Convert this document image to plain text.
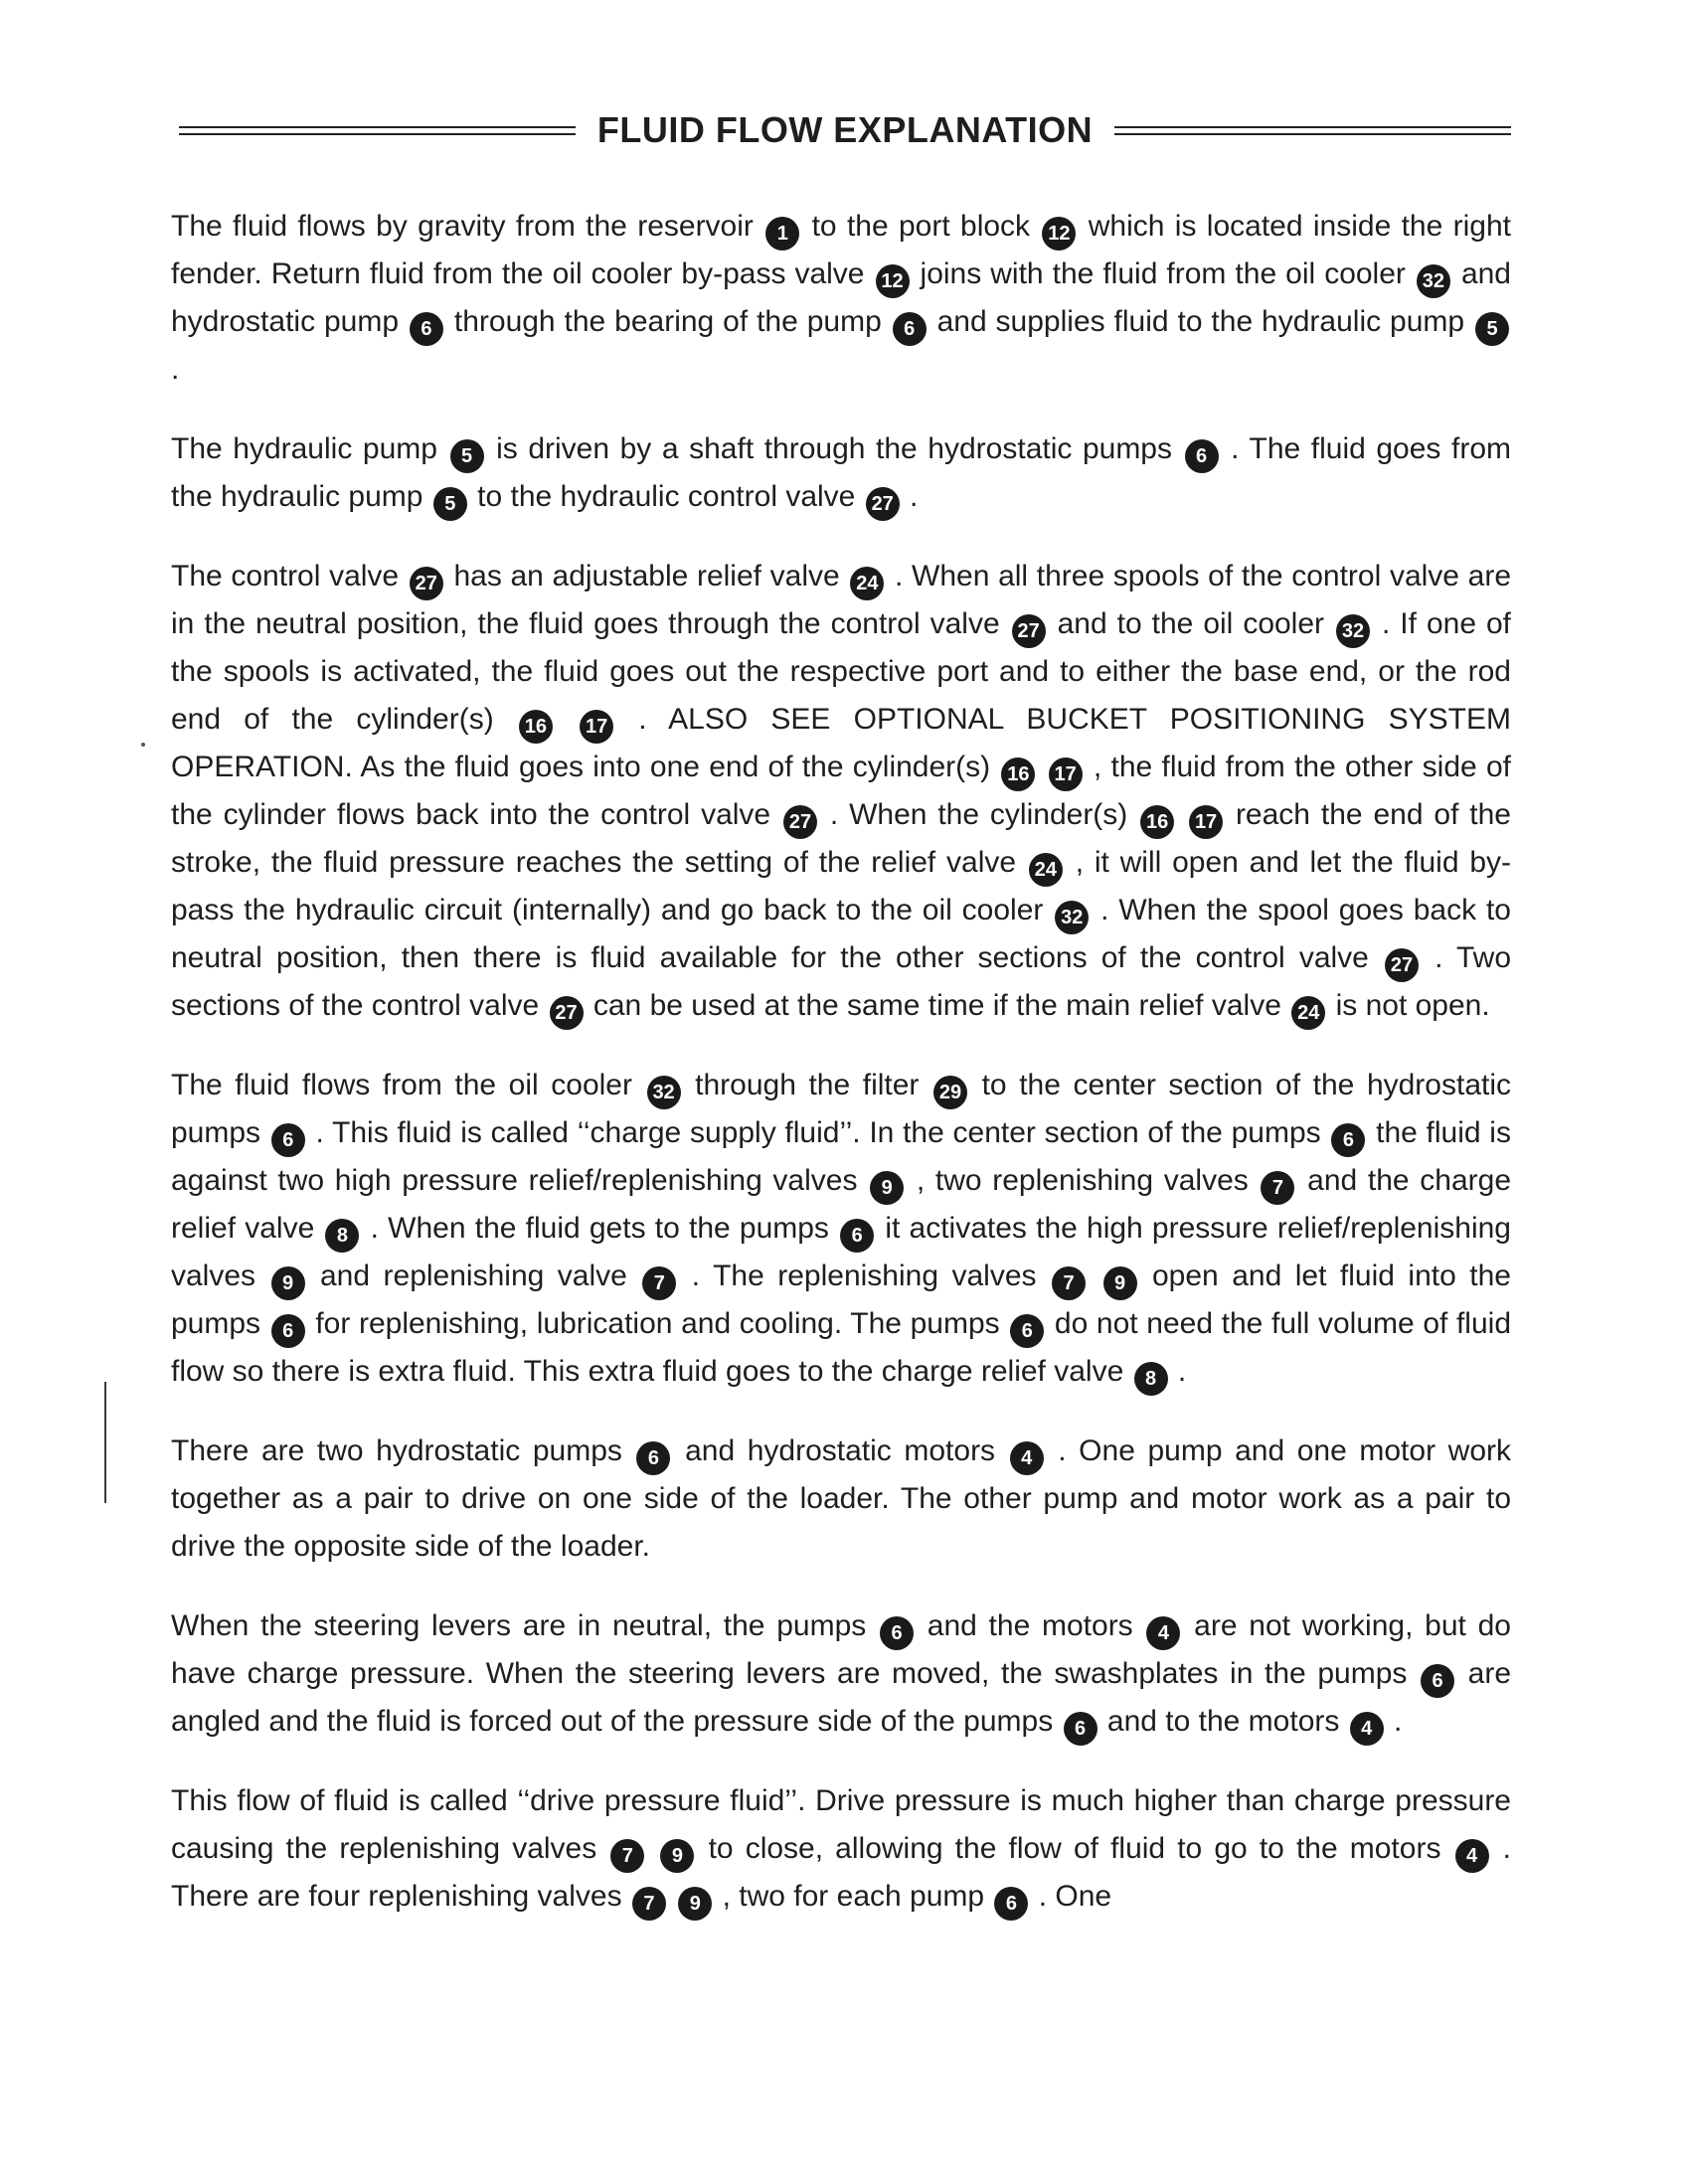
FLUID FLOW EXPLANATION

The fluid flows by gravity from the reservoir 1 to the port block 12 which is located inside the right fender. Return fluid from the oil cooler by-pass valve 12 joins with the fluid from the oil cooler 32 and hydrostatic pump 6 through the bearing of the pump 6 and supplies fluid to the hydraulic pump 5 .

The hydraulic pump 5 is driven by a shaft through the hydrostatic pumps 6 . The fluid goes from the hydraulic pump 5 to the hydraulic control valve 27 .

The control valve 27 has an adjustable relief valve 24 . When all three spools of the control valve are in the neutral position, the fluid goes through the control valve 27 and to the oil cooler 32 . If one of the spools is activated, the fluid goes out the respective port and to either the base end, or the rod end of the cylinder(s) 16 17 . ALSO SEE OPTIONAL BUCKET POSITIONING SYSTEM OPERATION. As the fluid goes into one end of the cylinder(s) 16 17 , the fluid from the other side of the cylinder flows back into the control valve 27 . When the cylinder(s) 16 17 reach the end of the stroke, the fluid pressure reaches the setting of the relief valve 24 , it will open and let the fluid by-pass the hydraulic circuit (internally) and go back to the oil cooler 32 . When the spool goes back to neutral position, then there is fluid available for the other sections of the control valve 27 . Two sections of the control valve 27 can be used at the same time if the main relief valve 24 is not open.

The fluid flows from the oil cooler 32 through the filter 29 to the center section of the hydrostatic pumps 6 . This fluid is called ‘‘charge supply fluid’’. In the center section of the pumps 6 the fluid is against two high pressure relief/replenishing valves 9 , two replenishing valves 7 and the charge relief valve 8 . When the fluid gets to the pumps 6 it activates the high pressure relief/replenishing valves 9 and replenishing valve 7 . The replenishing valves 7 9 open and let fluid into the pumps 6 for replenishing, lubrication and cooling. The pumps 6 do not need the full volume of fluid flow so there is extra fluid. This extra fluid goes to the charge relief valve 8 .

There are two hydrostatic pumps 6 and hydrostatic motors 4 . One pump and one motor work together as a pair to drive on one side of the loader. The other pump and motor work as a pair to drive the opposite side of the loader.

When the steering levers are in neutral, the pumps 6 and the motors 4 are not working, but do have charge pressure. When the steering levers are moved, the swashplates in the pumps 6 are angled and the fluid is forced out of the pressure side of the pumps 6 and to the motors 4 .

This flow of fluid is called ‘‘drive pressure fluid’’. Drive pressure is much higher than charge pressure causing the replenishing valves 7 9 to close, allowing the flow of fluid to go to the motors 4 . There are four replenishing valves 7 9 , two for each pump 6 . One
